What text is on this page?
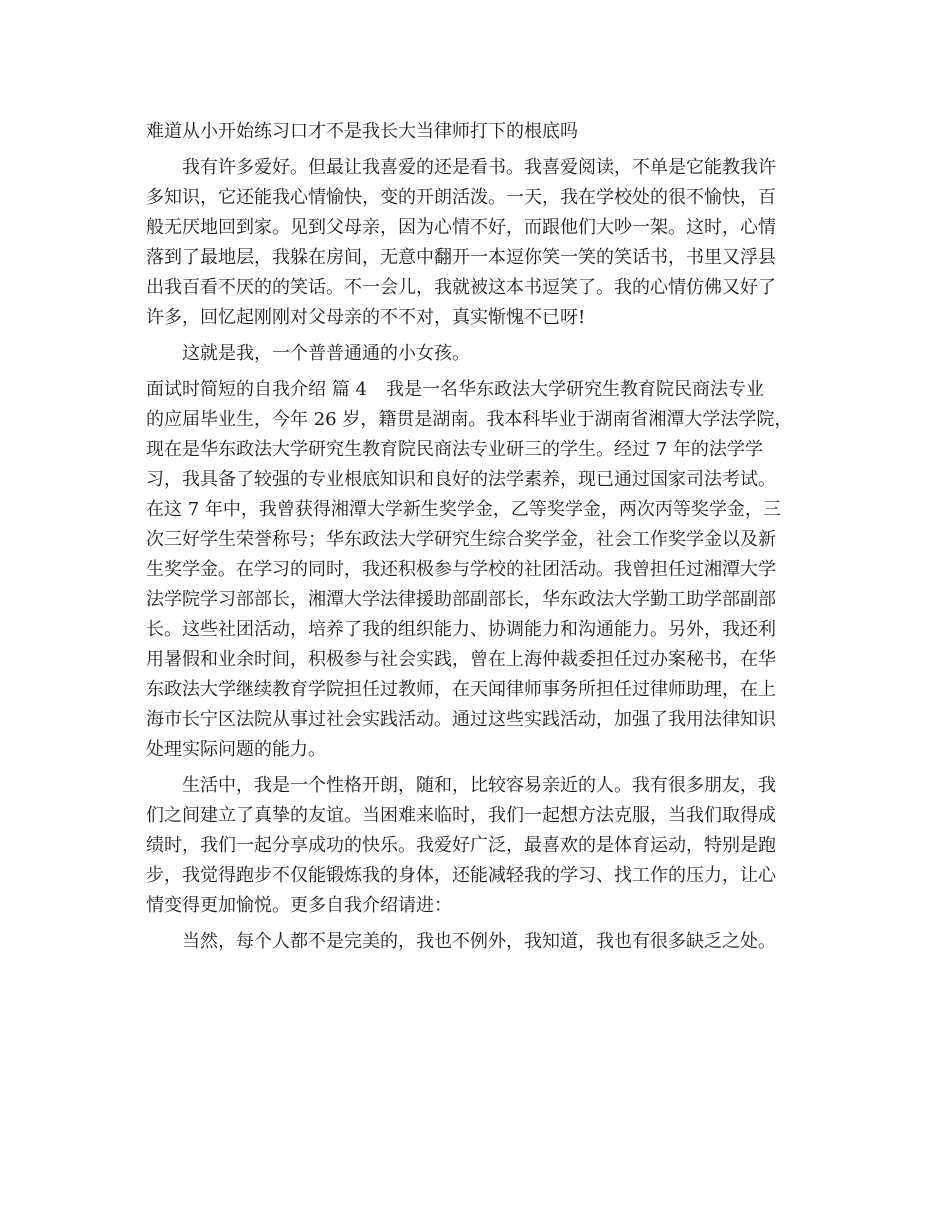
难道从小开始练习口才不是我长大当律师打下的根底吗

我有许多爱好。但最让我喜爱的还是看书。我喜爱阅读，不单是它能教我许

多知识，它还能我心情愉快，变的开朗活泼。一天，我在学校处的很不愉快，百

般无厌地回到家。见到父母亲，因为心情不好，而跟他们大吵一架。这时，心情

落到了最地层，我躲在房间，无意中翻开一本逗你笑一笑的笑话书，书里又浮县

出我百看不厌的的笑话。不一会儿，我就被这本书逗笑了。我的心情仿佛又好了

许多，回忆起刚刚对父母亲的不不对，真实惭愧不已呀!

这就是我，一个普普通通的小女孩。

面试时简短的自我介绍 篇 4 我是一名华东政法大学研究生教育院民商法专业

的应届毕业生，今年 26 岁，籍贯是湖南。我本科毕业于湖南省湘潭大学法学院，

现在是华东政法大学研究生教育院民商法专业研三的学生。经过 7 年的法学学

习，我具备了较强的专业根底知识和良好的法学素养，现已通过国家司法考试。

在这 7 年中，我曾获得湘潭大学新生奖学金，乙等奖学金，两次丙等奖学金，三

次三好学生荣誉称号；华东政法大学研究生综合奖学金，社会工作奖学金以及新

生奖学金。在学习的同时，我还积极参与学校的社团活动。我曾担任过湘潭大学

法学院学习部部长，湘潭大学法律援助部副部长，华东政法大学勤工助学部副部

长。这些社团活动，培养了我的组织能力、协调能力和沟通能力。另外，我还利

用暑假和业余时间，积极参与社会实践，曾在上海仲裁委担任过办案秘书，在华

东政法大学继续教育学院担任过教师，在天闻律师事务所担任过律师助理，在上

海市长宁区法院从事过社会实践活动。通过这些实践活动，加强了我用法律知识

处理实际问题的能力。

生活中，我是一个性格开朗，随和，比较容易亲近的人。我有很多朋友，我

们之间建立了真挚的友谊。当困难来临时，我们一起想方法克服，当我们取得成

绩时，我们一起分享成功的快乐。我爱好广泛，最喜欢的是体育运动，特别是跑

步，我觉得跑步不仅能锻炼我的身体，还能减轻我的学习、找工作的压力，让心

情变得更加愉悦。更多自我介绍请进：

当然，每个人都不是完美的，我也不例外，我知道，我也有很多缺乏之处。
